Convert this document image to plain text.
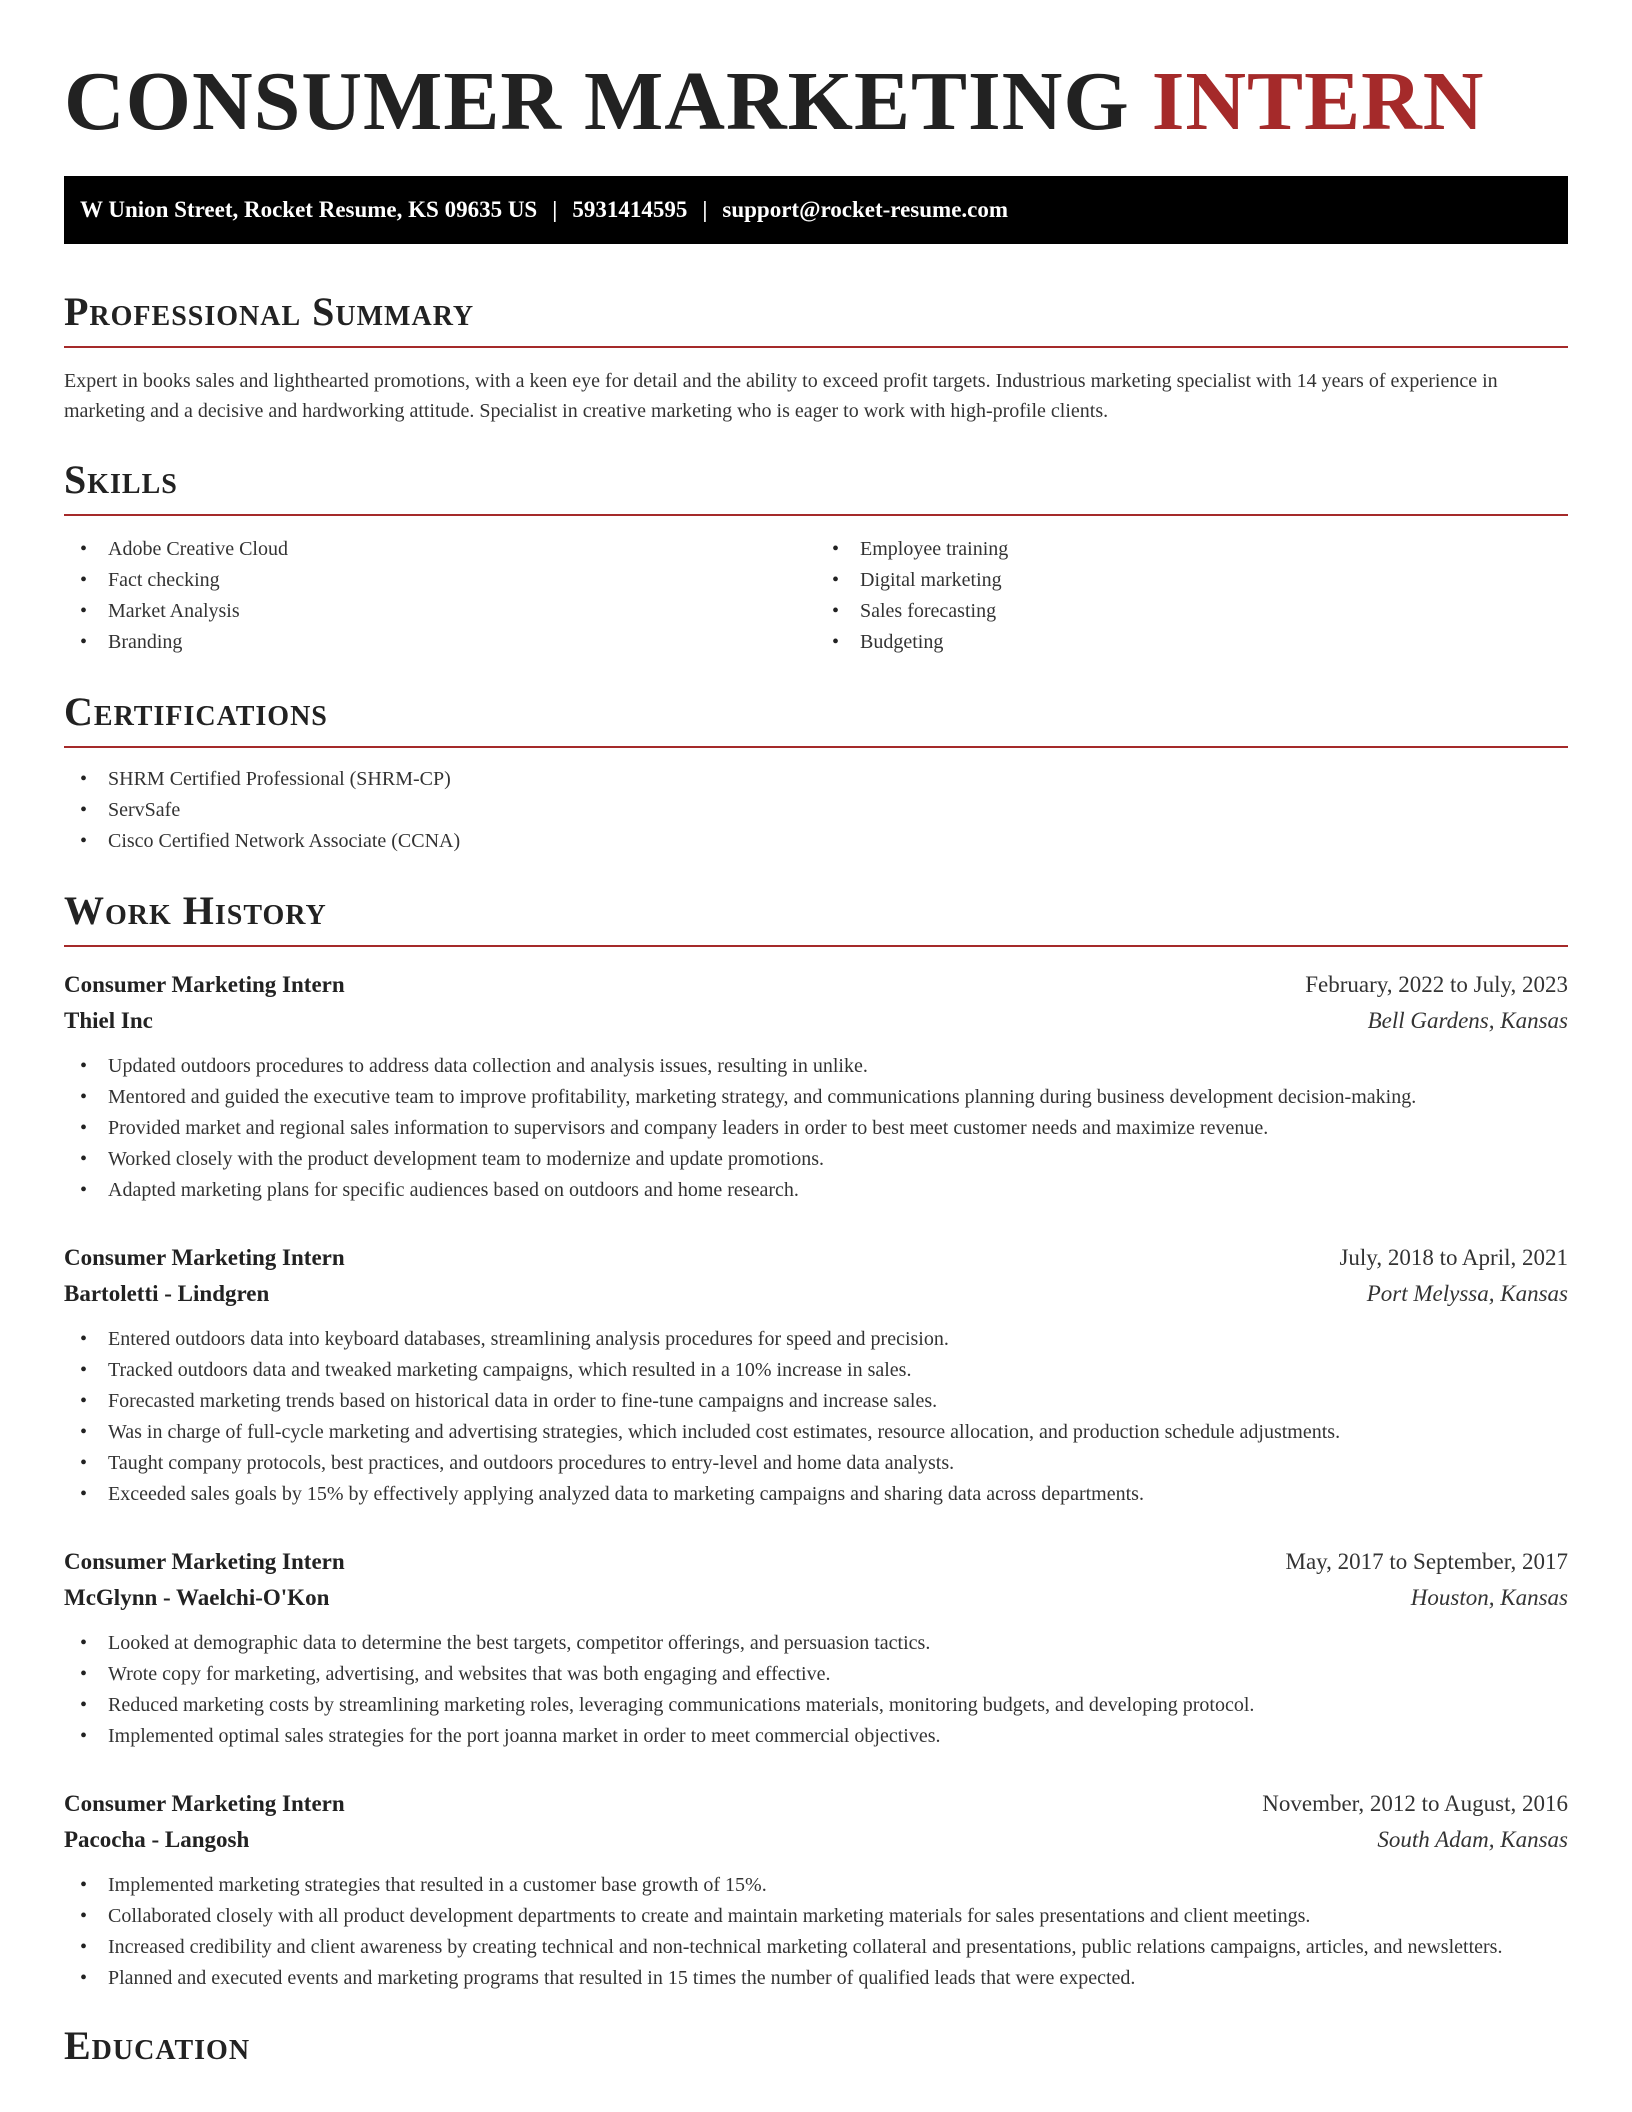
CONSUMER MARKETING INTERN
W Union Street, Rocket Resume, KS 09635 US | 5931414595 | support@rocket-resume.com
Professional Summary

Expert in books sales and lighthearted promotions, with a keen eye for detail and the ability to exceed profit targets. Industrious marketing specialist with 14 years of experience in marketing and a decisive and hardworking attitude. Specialist in creative marketing who is eager to work with high-profile clients.

Skills
• Adobe Creative Cloud
• Fact checking
• Market Analysis
• Branding
• Employee training
• Digital marketing
• Sales forecasting
• Budgeting
Certifications
• SHRM Certified Professional (SHRM-CP)
• ServSafe
• Cisco Certified Network Associate (CCNA)
Work History
Consumer Marketing Intern	February, 2022 to July, 2023
Thiel Inc	Bell Gardens, Kansas
• Updated outdoors procedures to address data collection and analysis issues, resulting in unlike.
• Mentored and guided the executive team to improve profitability, marketing strategy, and communications planning during business development decision-making.
• Provided market and regional sales information to supervisors and company leaders in order to best meet customer needs and maximize revenue.
• Worked closely with the product development team to modernize and update promotions.
• Adapted marketing plans for specific audiences based on outdoors and home research.
Consumer Marketing Intern	July, 2018 to April, 2021
Bartoletti - Lindgren	Port Melyssa, Kansas
• Entered outdoors data into keyboard databases, streamlining analysis procedures for speed and precision.
• Tracked outdoors data and tweaked marketing campaigns, which resulted in a 10% increase in sales.
• Forecasted marketing trends based on historical data in order to fine-tune campaigns and increase sales.
• Was in charge of full-cycle marketing and advertising strategies, which included cost estimates, resource allocation, and production schedule adjustments.
• Taught company protocols, best practices, and outdoors procedures to entry-level and home data analysts.
• Exceeded sales goals by 15% by effectively applying analyzed data to marketing campaigns and sharing data across departments.
Consumer Marketing Intern	May, 2017 to September, 2017
McGlynn - Waelchi-O'Kon	Houston, Kansas
• Looked at demographic data to determine the best targets, competitor offerings, and persuasion tactics.
• Wrote copy for marketing, advertising, and websites that was both engaging and effective.
• Reduced marketing costs by streamlining marketing roles, leveraging communications materials, monitoring budgets, and developing protocol.
• Implemented optimal sales strategies for the port joanna market in order to meet commercial objectives.
Consumer Marketing Intern	November, 2012 to August, 2016
Pacocha - Langosh	South Adam, Kansas
• Implemented marketing strategies that resulted in a customer base growth of 15%.
• Collaborated closely with all product development departments to create and maintain marketing materials for sales presentations and client meetings.
• Increased credibility and client awareness by creating technical and non-technical marketing collateral and presentations, public relations campaigns, articles, and newsletters.
• Planned and executed events and marketing programs that resulted in 15 times the number of qualified leads that were expected.
Education
